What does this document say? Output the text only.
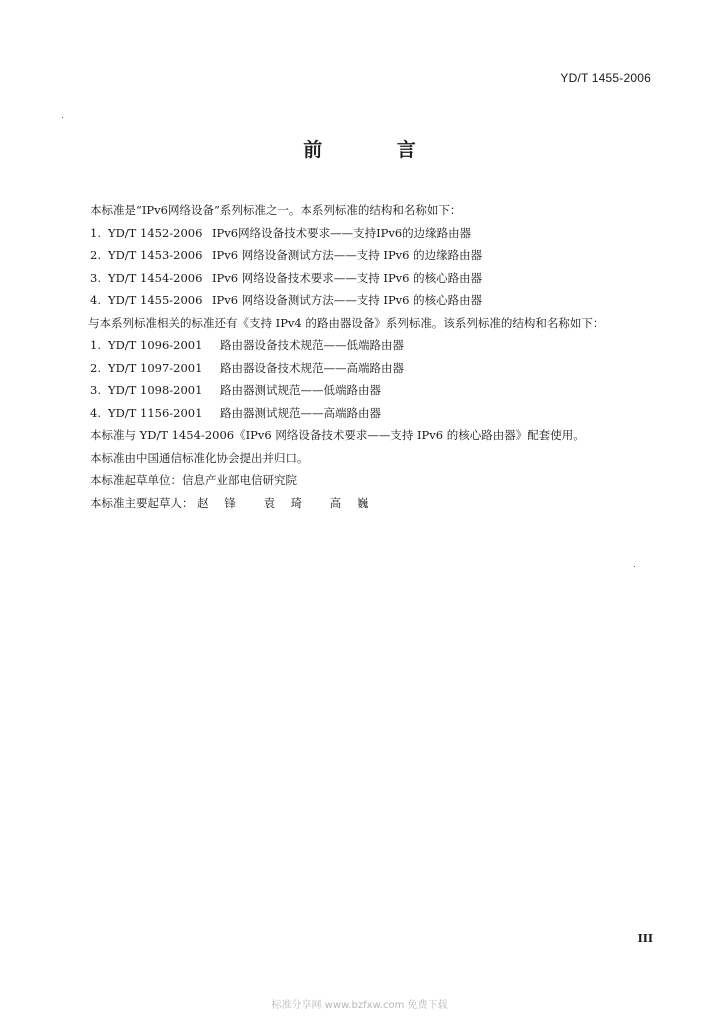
YD/T 1455-2006
前 言
本标准是“IPv6网络设备”系列标准之一。本系列标准的结构和名称如下：
1. YD/T 1452-2006 IPv6网络设备技术要求——支持IPv6的边缘路由器
2. YD/T 1453-2006 IPv6 网络设备测试方法——支持 IPv6 的边缘路由器
3. YD/T 1454-2006 IPv6 网络设备技术要求——支持 IPv6 的核心路由器
4. YD/T 1455-2006 IPv6 网络设备测试方法——支持 IPv6 的核心路由器
与本系列标准相关的标准还有《支持 IPv4 的路由器设备》系列标准。该系列标准的结构和名称如下：
1. YD/T 1096-2001	路由器设备技术规范——低端路由器
2. YD/T 1097-2001	路由器设备技术规范——高端路由器
3. YD/T 1098-2001	路由器测试规范——低端路由器
4. YD/T 1156-2001	路由器测试规范——高端路由器
本标准与 YD/T 1454-2006《IPv6 网络设备技术要求——支持 IPv6 的核心路由器》配套使用。
本标准由中国通信标准化协会提出并归口。
本标准起草单位：信息产业部电信研究院
本标准主要起草人： 赵 锋 袁 琦 高 巍
III
标准分享网 www.bzfxw.com 免费下载
